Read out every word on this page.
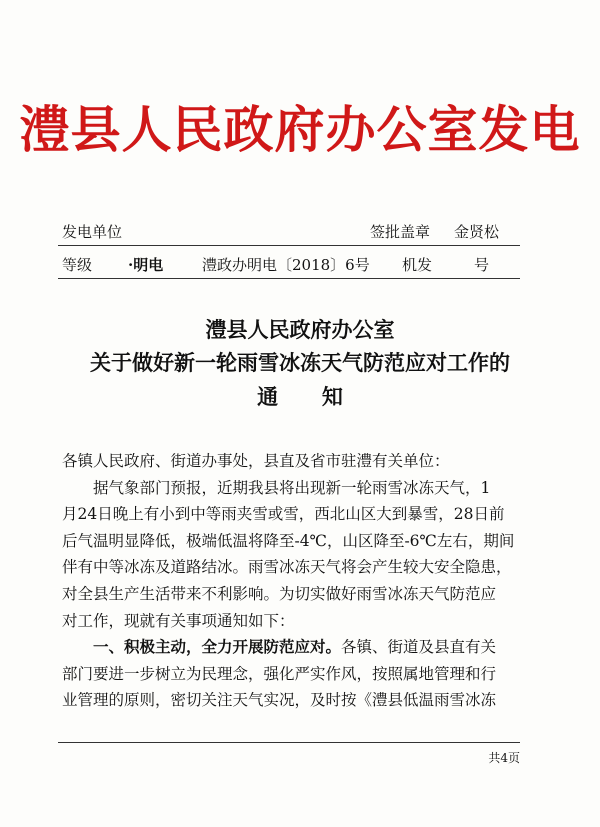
澧县人民政府办公室发电
发电单位	签批盖章 金贤松
等级 ·明电	澧政办明电〔2018〕6号 机发	号
澧县人民政府办公室
关于做好新一轮雨雪冰冻天气防范应对工作的
通      知
各镇人民政府、街道办事处，县直及省市驻澧有关单位：
据气象部门预报，近期我县将出现新一轮雨雪冰冻天气，1
月24日晚上有小到中等雨夹雪或雪，西北山区大到暴雪，28日前
后气温明显降低，极端低温将降至-4℃，山区降至-6℃左右，期间
伴有中等冰冻及道路结冰。雨雪冰冻天气将会产生较大安全隐患，
对全县生产生活带来不利影响。为切实做好雨雪冰冻天气防范应
对工作，现就有关事项通知如下：
一、积极主动，全力开展防范应对。各镇、街道及县直有关
部门要进一步树立为民理念，强化严实作风，按照属地管理和行
业管理的原则，密切关注天气实况，及时按《澧县低温雨雪冰冻
共4页
